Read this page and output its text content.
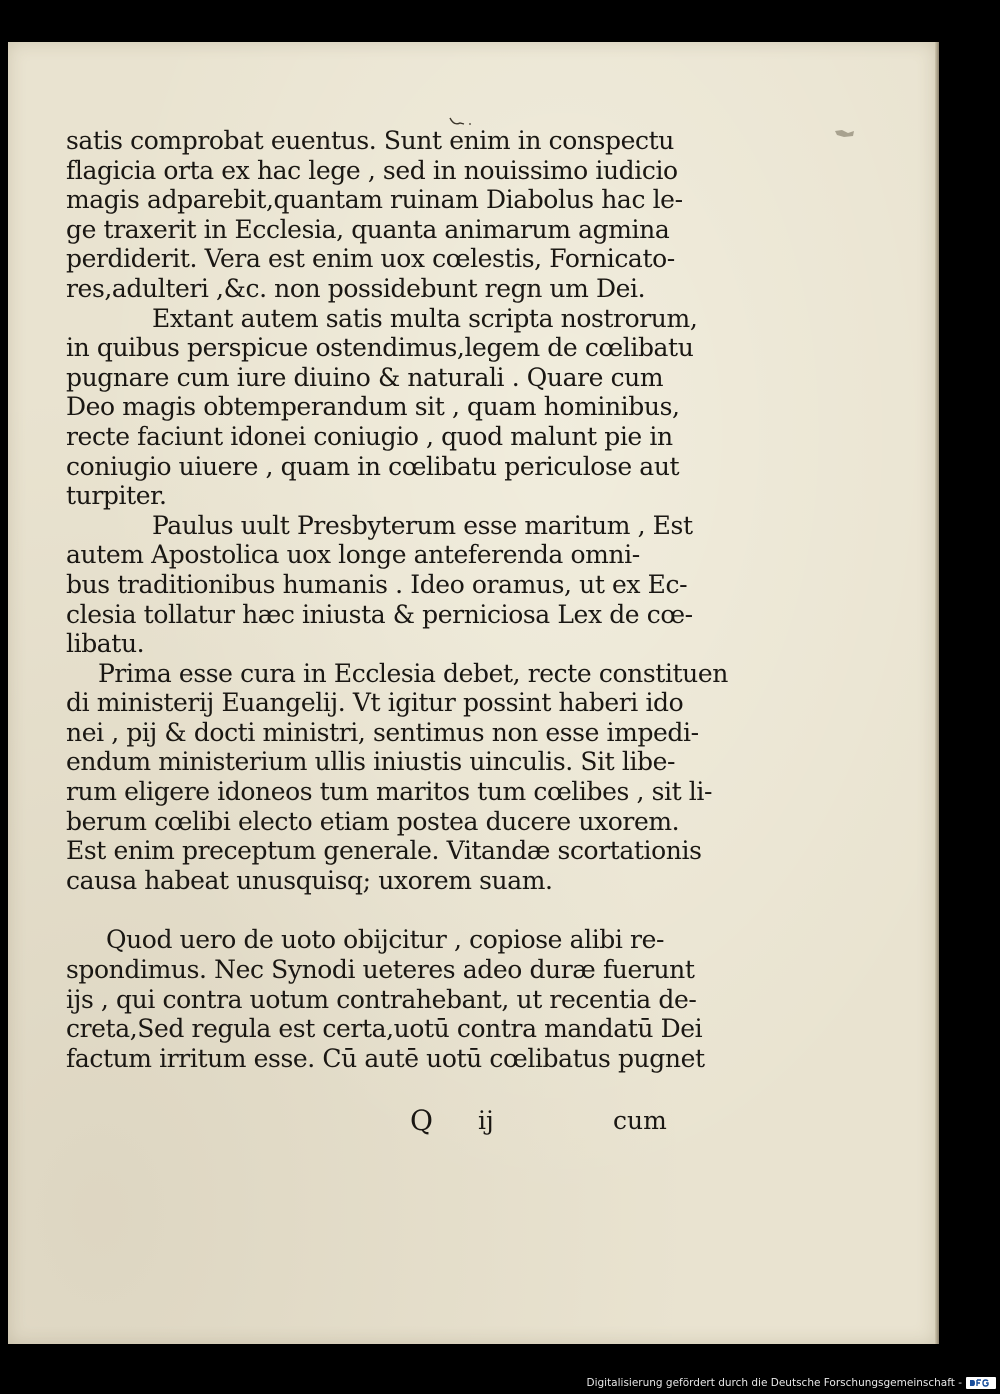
satis comprobat euentus. Sunt enim in conspectu
flagicia orta ex hac lege , sed in nouissimo iudicio
magis adparebit,quantam ruinam Diabolus hac le-
ge traxerit in Ecclesia, quanta animarum agmina
perdiderit. Vera est enim uox cœlestis, Fornicato-
res,adulteri ,&c. non possidebunt regn um Dei.
Extant autem satis multa scripta nostrorum,
in quibus perspicue ostendimus,legem de cœlibatu
pugnare cum iure diuino & naturali . Quare cum
Deo magis obtemperandum sit , quam hominibus,
recte faciunt idonei coniugio , quod malunt pie in
coniugio uiuere , quam in cœlibatu periculose aut
turpiter.
Paulus uult Presbyterum esse maritum , Est
autem Apostolica uox longe anteferenda omni-
bus traditionibus humanis . Ideo oramus, ut ex Ec-
clesia tollatur hæc iniusta & perniciosa Lex de cœ-
libatu.
Prima esse cura in Ecclesia debet, recte constituen
di ministerij Euangelij. Vt igitur possint haberi ido
nei , pij & docti ministri, sentimus non esse impedi-
endum ministerium ullis iniustis uinculis. Sit libe-
rum eligere idoneos tum maritos tum cœlibes , sit li-
berum cœlibi electo etiam postea ducere uxorem.
Est enim preceptum generale. Vitandæ scortationis
causa habeat unusquisq; uxorem suam.
Quod uero de uoto obijcitur , copiose alibi re-
spondimus. Nec Synodi ueteres adeo duræ fuerunt
ijs , qui contra uotum contrahebant, ut recentia de-
creta,Sed regula est certa,uotū contra mandatū Dei
factum irritum esse. Cū autē uotū cœlibatus pugnet
Q ij	cum
Digitalisierung gefördert durch die Deutsche Forschungsgemeinschaft -
